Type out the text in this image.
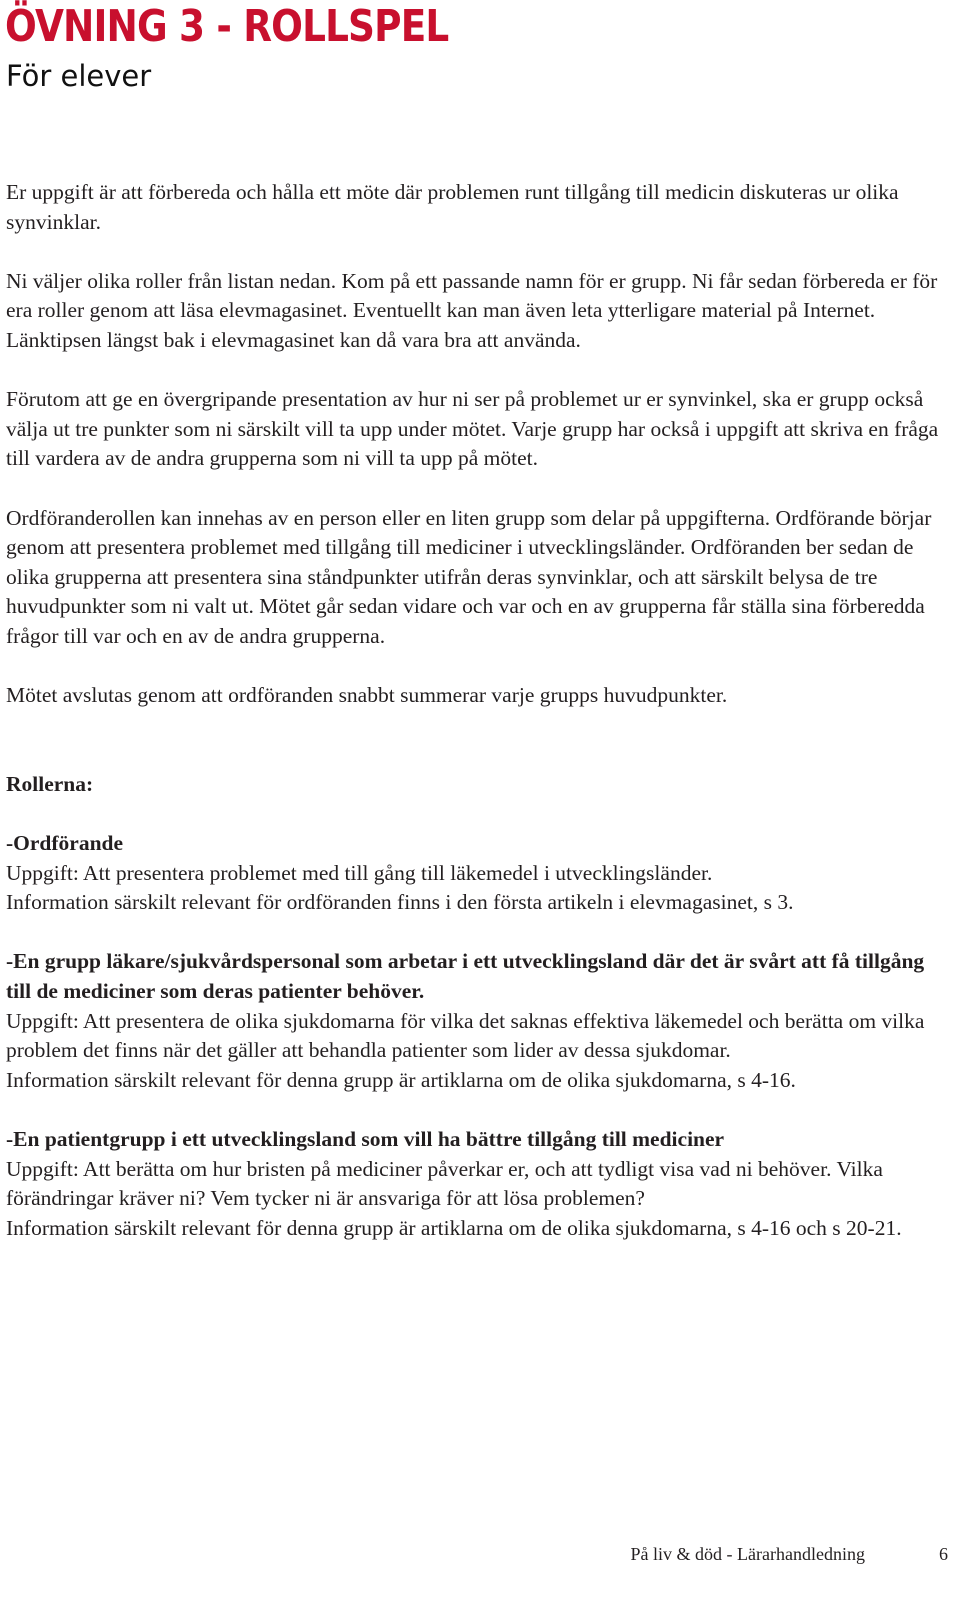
ÖVNING 3 - ROLLSPEL
För elever

Er uppgift är att förbereda och hålla ett möte där problemen runt tillgång till medicin diskuteras ur olika synvinklar.

Ni väljer olika roller från listan nedan. Kom på ett passande namn för er grupp. Ni får sedan förbereda er för era roller genom att läsa elevmagasinet. Eventuellt kan man även leta ytterligare material på Internet. Länktipsen längst bak i elevmagasinet kan då vara bra att använda.

Förutom att ge en övergripande presentation av hur ni ser på problemet ur er synvinkel, ska er grupp också välja ut tre punkter som ni särskilt vill ta upp under mötet. Varje grupp har också i uppgift att skriva en fråga till vardera av de andra grupperna som ni vill ta upp på mötet.

Ordföranderollen kan innehas av en person eller en liten grupp som delar på uppgifterna. Ordförande börjar genom att presentera problemet med tillgång till mediciner i utvecklingsländer. Ordföranden ber sedan de olika grupperna att presentera sina ståndpunkter utifrån deras synvinklar, och att särskilt belysa de tre huvudpunkter som ni valt ut. Mötet går sedan vidare och var och en av grupperna får ställa sina förberedda frågor till var och en av de andra grupperna.

Mötet avslutas genom att ordföranden snabbt summerar varje grupps huvudpunkter.

Rollerna:

-Ordförande
Uppgift: Att presentera problemet med till gång till läkemedel i utvecklingsländer.
Information särskilt relevant för ordföranden finns i den första artikeln i elevmagasinet, s 3.
-En grupp läkare/sjukvårdspersonal som arbetar i ett utvecklingsland där det är svårt att få tillgång till de mediciner som deras patienter behöver.
Uppgift: Att presentera de olika sjukdomarna för vilka det saknas effektiva läkemedel och berätta om vilka problem det finns när det gäller att behandla patienter som lider av dessa sjukdomar.
Information särskilt relevant för denna grupp är artiklarna om de olika sjukdomarna, s 4-16.
-En patientgrupp i ett utvecklingsland som vill ha bättre tillgång till mediciner
Uppgift: Att berätta om hur bristen på mediciner påverkar er, och att tydligt visa vad ni behöver. Vilka förändringar kräver ni? Vem tycker ni är ansvariga för att lösa problemen?
Information särskilt relevant för denna grupp är artiklarna om de olika sjukdomarna, s 4-16 och s 20-21.
På liv & död - Lärarhandledning	6
